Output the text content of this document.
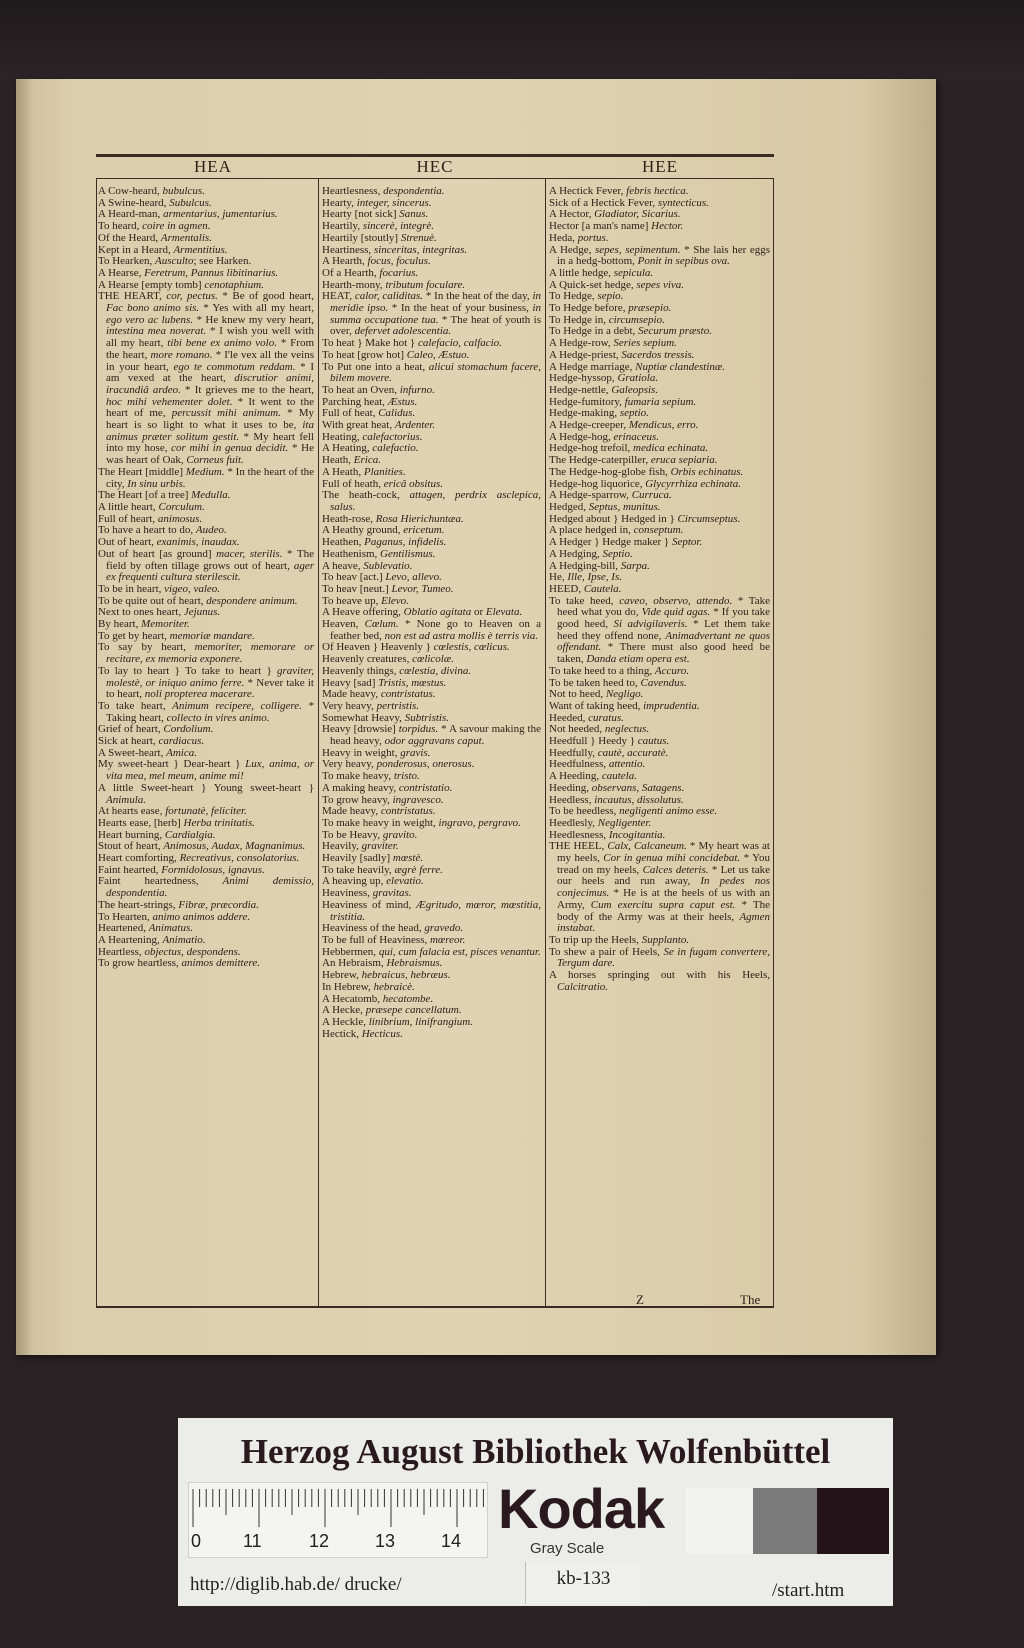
HEA	HEC	HEE
A Cow-heard, bubulcus.
A Swine-heard, Subulcus.
A Heard-man, armentarius, jumentarius.
To heard, coire in agmen.
Of the Heard, Armentalis.
Kept in a Heard, Armentitius.
To Hearken, Ausculto; see Harken.
A Hearse, Feretrum, Pannus libitinarius.
A Hearse [empty tomb] cenotaphium.
THE HEART, cor, pectus. * Be of good heart, Fac bono animo sis. * Yes with all my heart, ego vero ac lubens. * He knew my very heart, intestina mea noverat. * I wish you well with all my heart, tibi bene ex animo volo. * From the heart, more romano. * I'le vex all the veins in your heart, ego te commotum reddam. * I am vexed at the heart, discrutior animi, iracundiâ ardeo. * It grieves me to the heart, hoc mihi vehementer dolet. * It went to the heart of me, percussit mihi animum. * My heart is so light to what it uses to be, ita animus præter solitum gestit. * My heart fell into my hose, cor mihi in genua decidit. * He was heart of Oak, Corneus fuit.
The Heart [middle] Medium. * In the heart of the city, In sinu urbis.
The Heart [of a tree] Medulla.
A little heart, Corculum.
Full of heart, animosus.
To have a heart to do, Audeo.
Out of heart, exanimis, inaudax.
Out of heart [as ground] macer, sterilis. * The field by often tillage grows out of heart, ager ex frequenti cultura sterilescit.
To be in heart, vigeo, valeo.
To be quite out of heart, despondere animum.
Next to ones heart, Jejunus.
By heart, Memoriter.
To get by heart, memoriæ mandare.
To say by heart, memoriter, memorare or recitare, ex memoria exponere.
To lay to heart } To take to heart } graviter, molestè, or iniquo animo ferre. * Never take it to heart, noli propterea macerare.
To take heart, Animum recipere, colligere. * Taking heart, collecto in vires animo.
Grief of heart, Cordolium.
Sick at heart, cardiacus.
A Sweet-heart, Amica.
My sweet-heart } Dear-heart } Lux, anima, or vita mea, mel meum, anime mi!
A little Sweet-heart } Young sweet-heart } Animula.
At hearts ease, fortunatè, feliciter.
Hearts ease, [herb] Herba trinitatis.
Heart burning, Cardialgia.
Stout of heart, Animosus, Audax, Magnanimus.
Heart comforting, Recreativus, consolatorius.
Faint hearted, Formidolosus, ignavus.
Faint heartedness, Animi demissio, despondentia.
The heart-strings, Fibræ, præcordia.
To Hearten, animo animos addere.
Heartened, Animatus.
A Heartening, Animatio.
Heartless, objectus, despondens.
To grow heartless, animos demittere.
Heartlesness, despondentia.
Hearty, integer, sincerus.
Hearty [not sick] Sanus.
Heartily, sincerè, integrè.
Heartily [stoutly] Strenuè.
Heartiness, sinceritas, integritas.
A Hearth, focus, foculus.
Of a Hearth, focarius.
Hearth-mony, tributum foculare.
HEAT, calor, caliditas. * In the heat of the day, in meridie ipso. * In the heat of your business, in summa occupatione tua. * The heat of youth is over, defervet adolescentia.
To heat } Make hot } calefacio, calfacio.
To heat [grow hot] Caleo, Æstuo.
To Put one into a heat, alicui stomachum facere, bilem movere.
To heat an Oven, infurno.
Parching heat, Æstus.
Full of heat, Calidus.
With great heat, Ardenter.
Heating, calefactorius.
A Heating, calefactio.
Heath, Erica.
A Heath, Planities.
Full of heath, ericâ obsitus.
The heath-cock, attagen, perdrix asclepica, salus.
Heath-rose, Rosa Hierichuntæa.
A Heathy ground, ericetum.
Heathen, Paganus, infidelis.
Heathenism, Gentilismus.
A heave, Sublevatio.
To heav [act.] Levo, allevo.
To heav [neut.] Levor, Tumeo.
To heave up, Elevo.
A Heave offering, Oblatio agitata or Elevata.
Heaven, Cœlum. * None go to Heaven on a feather bed, non est ad astra mollis è terris via.
Of Heaven } Heavenly } cœlestis, cœlicus.
Heavenly creatures, cœlicolæ.
Heavenly things, cœlestia, divina.
Heavy [sad] Tristis, mœstus.
Made heavy, contristatus.
Very heavy, pertristis.
Somewhat Heavy, Subtristis.
Heavy [drowsie] torpidus. * A savour making the head heavy, odor aggravans caput.
Heavy in weight, gravis.
Very heavy, ponderosus, onerosus.
To make heavy, tristo.
A making heavy, contristatio.
To grow heavy, ingravesco.
Made heavy, contristatus.
To make heavy in weight, ingravo, pergravo.
To be Heavy, gravito.
Heavily, graviter.
Heavily [sadly] mœstè.
To take heavily, ægrè ferre.
A heaving up, elevatio.
Heaviness, gravitas.
Heaviness of mind, Ægritudo, mœror, mœstitia, tristitia.
Heaviness of the head, gravedo.
To be full of Heaviness, mœreor.
Hebbermen, qui, cum falacia est, pisces venantur.
An Hebraism, Hebraismus.
Hebrew, hebraicus, hebræus.
In Hebrew, hebraicè.
A Hecatomb, hecatombe.
A Hecke, præsepe cancellatum.
A Heckle, linibrium, linifrangium.
Hectick, Hecticus.
A Hectick Fever, febris hectica.
Sick of a Hectick Fever, syntecticus.
A Hector, Gladiator, Sicarius.
Hector [a man's name] Hector.
Heda, portus.
A Hedge, sepes, sepimentum. * She lais her eggs in a hedg-bottom, Ponit in sepibus ova.
A little hedge, sepicula.
A Quick-set hedge, sepes viva.
To Hedge, sepio.
To Hedge before, præsepio.
To Hedge in, circumsepio.
To Hedge in a debt, Securum præsto.
A Hedge-row, Series sepium.
A Hedge-priest, Sacerdos tressis.
A Hedge marriage, Nuptiæ clandestinæ.
Hedge-hyssop, Gratiola.
Hedge-nettle, Galeopsis.
Hedge-fumitory, fumaria sepium.
Hedge-making, septio.
A Hedge-creeper, Mendicus, erro.
A Hedge-hog, erinaceus.
Hedge-hog trefoil, medica echinata.
The Hedge-caterpiller, eruca sepiaria.
The Hedge-hog-globe fish, Orbis echinatus.
Hedge-hog liquorice, Glycyrrhiza echinata.
A Hedge-sparrow, Curruca.
Hedged, Septus, munitus.
Hedged about } Hedged in } Circumseptus.
A place hedged in, conseptum.
A Hedger } Hedge maker } Septor.
A Hedging, Septio.
A Hedging-bill, Sarpa.
He, Ille, Ipse, Is.
HEED, Cautela.
To take heed, caveo, observo, attendo. * Take heed what you do, Vide quid agas. * If you take good heed, Si advigilaveris. * Let them take heed they offend none, Animadvertant ne quos offendant. * There must also good heed be taken, Danda etiam opera est.
To take heed to a thing, Accuro.
To be taken heed to, Cavendus.
Not to heed, Negligo.
Want of taking heed, imprudentia.
Heeded, curatus.
Not heeded, neglectus.
Heedfull } Heedy } cautus.
Heedfully, cautè, accuratè.
Heedfulness, attentio.
A Heeding, cautela.
Heeding, observans, Satagens.
Heedless, incautus, dissolutus.
To be heedless, negligenti animo esse.
Heedlesly, Negligenter.
Heedlesness, Incogitantia.
THE HEEL, Calx, Calcaneum. * My heart was at my heels, Cor in genua mihi concidebat. * You tread on my heels, Calces deteris. * Let us take our heels and run away, In pedes nos conjecimus. * He is at the heels of us with an Army, Cum exercitu supra caput est. * The body of the Army was at their heels, Agmen instabat.
To trip up the Heels, Supplanto.
To shew a pair of Heels, Se in fugam convertere, Tergum dare.
A horses springing out with his Heels, Calcitratio.
Z	The
Herzog August Bibliothek Wolfenbüttel
0 11	12	13	14
Kodak
Gray Scale
http://diglib.hab.de/ drucke/	kb-133
/start.htm
